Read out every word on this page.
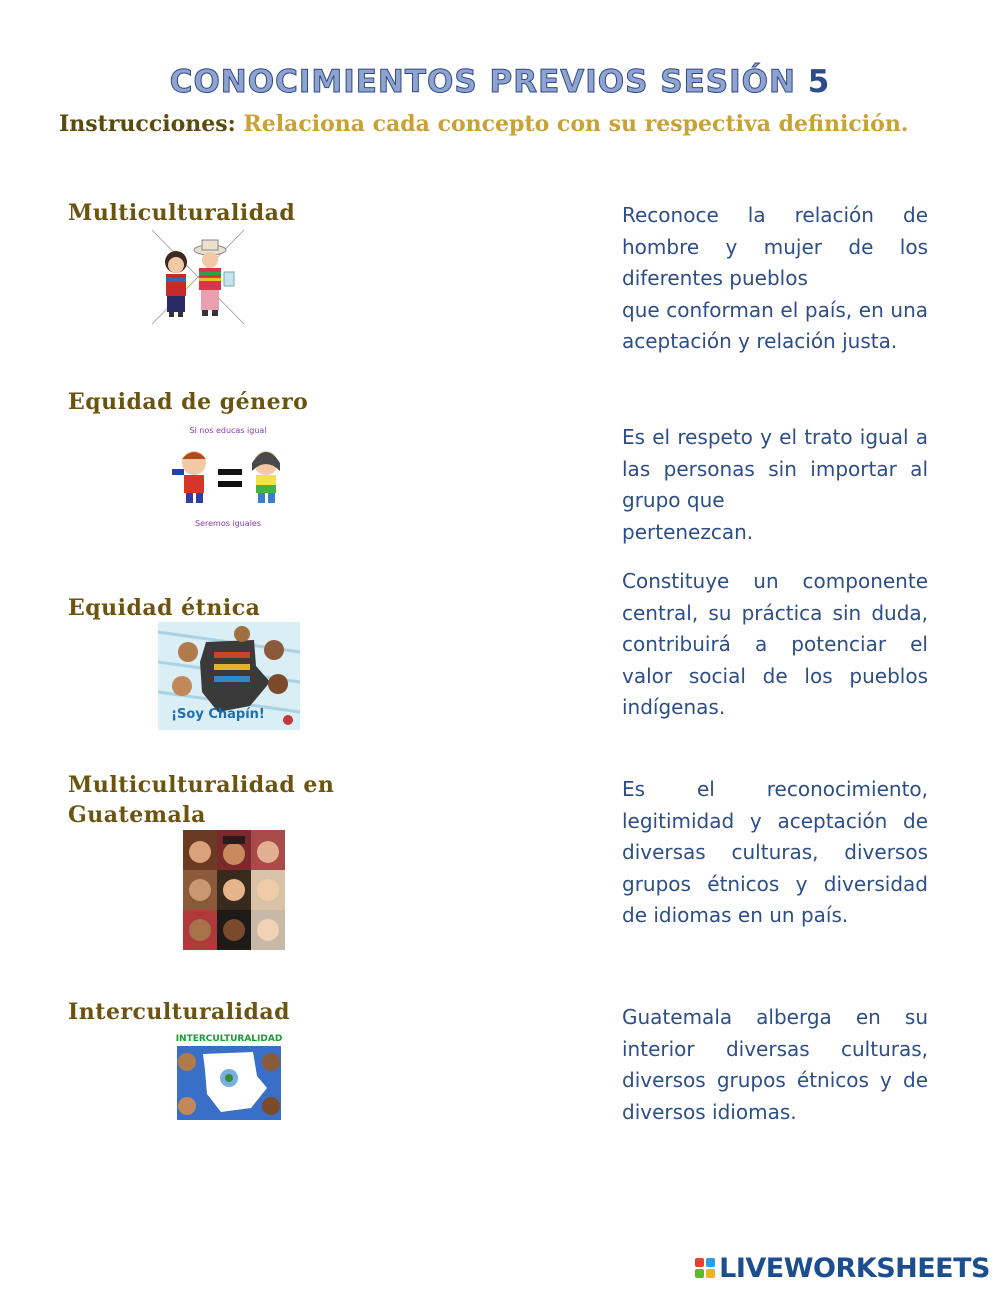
CONOCIMIENTOS PREVIOS SESIÓN 5
Instrucciones: Relaciona cada concepto con su respectiva definición.
Multiculturalidad
Equidad de género
Si nos educas igual
Seremos iguales
Equidad étnica
¡Soy Chapín!
Multiculturalidad en
Guatemala
Interculturalidad
INTERCULTURALIDAD

Reconoce la relación de hombre y mujer de los diferentes pueblos

que conforman el país, en una aceptación y relación justa.

Es el respeto y el trato igual a las personas sin importar al grupo que

pertenezcan.

Constituye un componente central, su práctica sin duda, contribuirá a potenciar el valor social de los pueblos indígenas.

Es el reconocimiento, legitimidad y aceptación de diversas culturas, diversos grupos étnicos y diversidad de idiomas en un país.

Guatemala alberga en su interior diversas culturas, diversos grupos étnicos y de diversos idiomas.

LIVEWORKSHEETS
